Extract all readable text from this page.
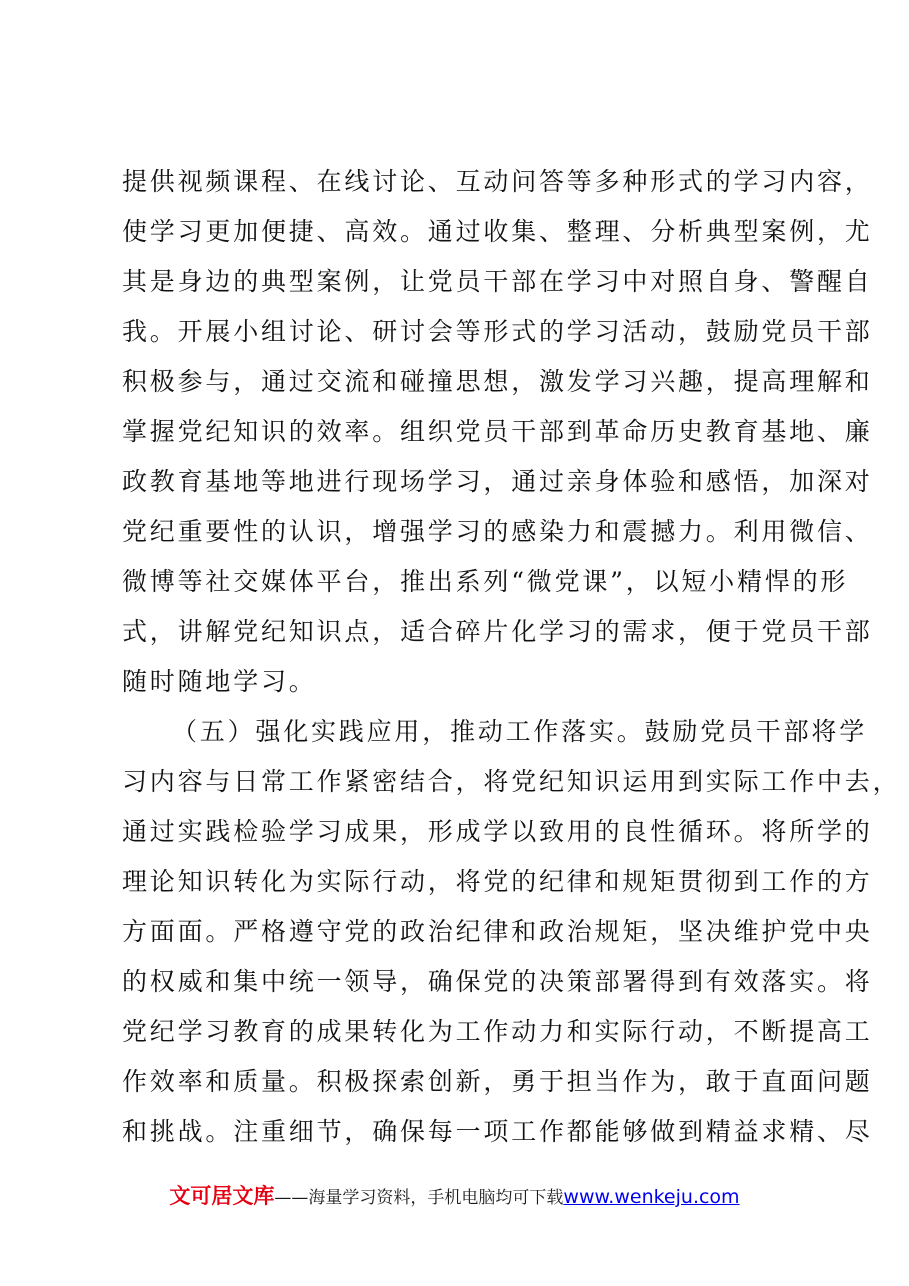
提供视频课程、在线讨论、互动问答等多种形式的学习内容，
使学习更加便捷、高效。通过收集、整理、分析典型案例，尤
其是身边的典型案例，让党员干部在学习中对照自身、警醒自
我。开展小组讨论、研讨会等形式的学习活动，鼓励党员干部
积极参与，通过交流和碰撞思想，激发学习兴趣，提高理解和
掌握党纪知识的效率。组织党员干部到革命历史教育基地、廉
政教育基地等地进行现场学习，通过亲身体验和感悟，加深对
党纪重要性的认识，增强学习的感染力和震撼力。利用微信、
微博等社交媒体平台，推出系列“微党课”，以短小精悍的形
式，讲解党纪知识点，适合碎片化学习的需求，便于党员干部
随时随地学习。
（五）强化实践应用，推动工作落实。鼓励党员干部将学
习内容与日常工作紧密结合，将党纪知识运用到实际工作中去，
通过实践检验学习成果，形成学以致用的良性循环。将所学的
理论知识转化为实际行动，将党的纪律和规矩贯彻到工作的方
方面面。严格遵守党的政治纪律和政治规矩，坚决维护党中央
的权威和集中统一领导，确保党的决策部署得到有效落实。将
党纪学习教育的成果转化为工作动力和实际行动，不断提高工
作效率和质量。积极探索创新，勇于担当作为，敢于直面问题
和挑战。注重细节，确保每一项工作都能够做到精益求精、尽
文可居文库——海量学习资料，手机电脑均可下载www.wenkeju.com
